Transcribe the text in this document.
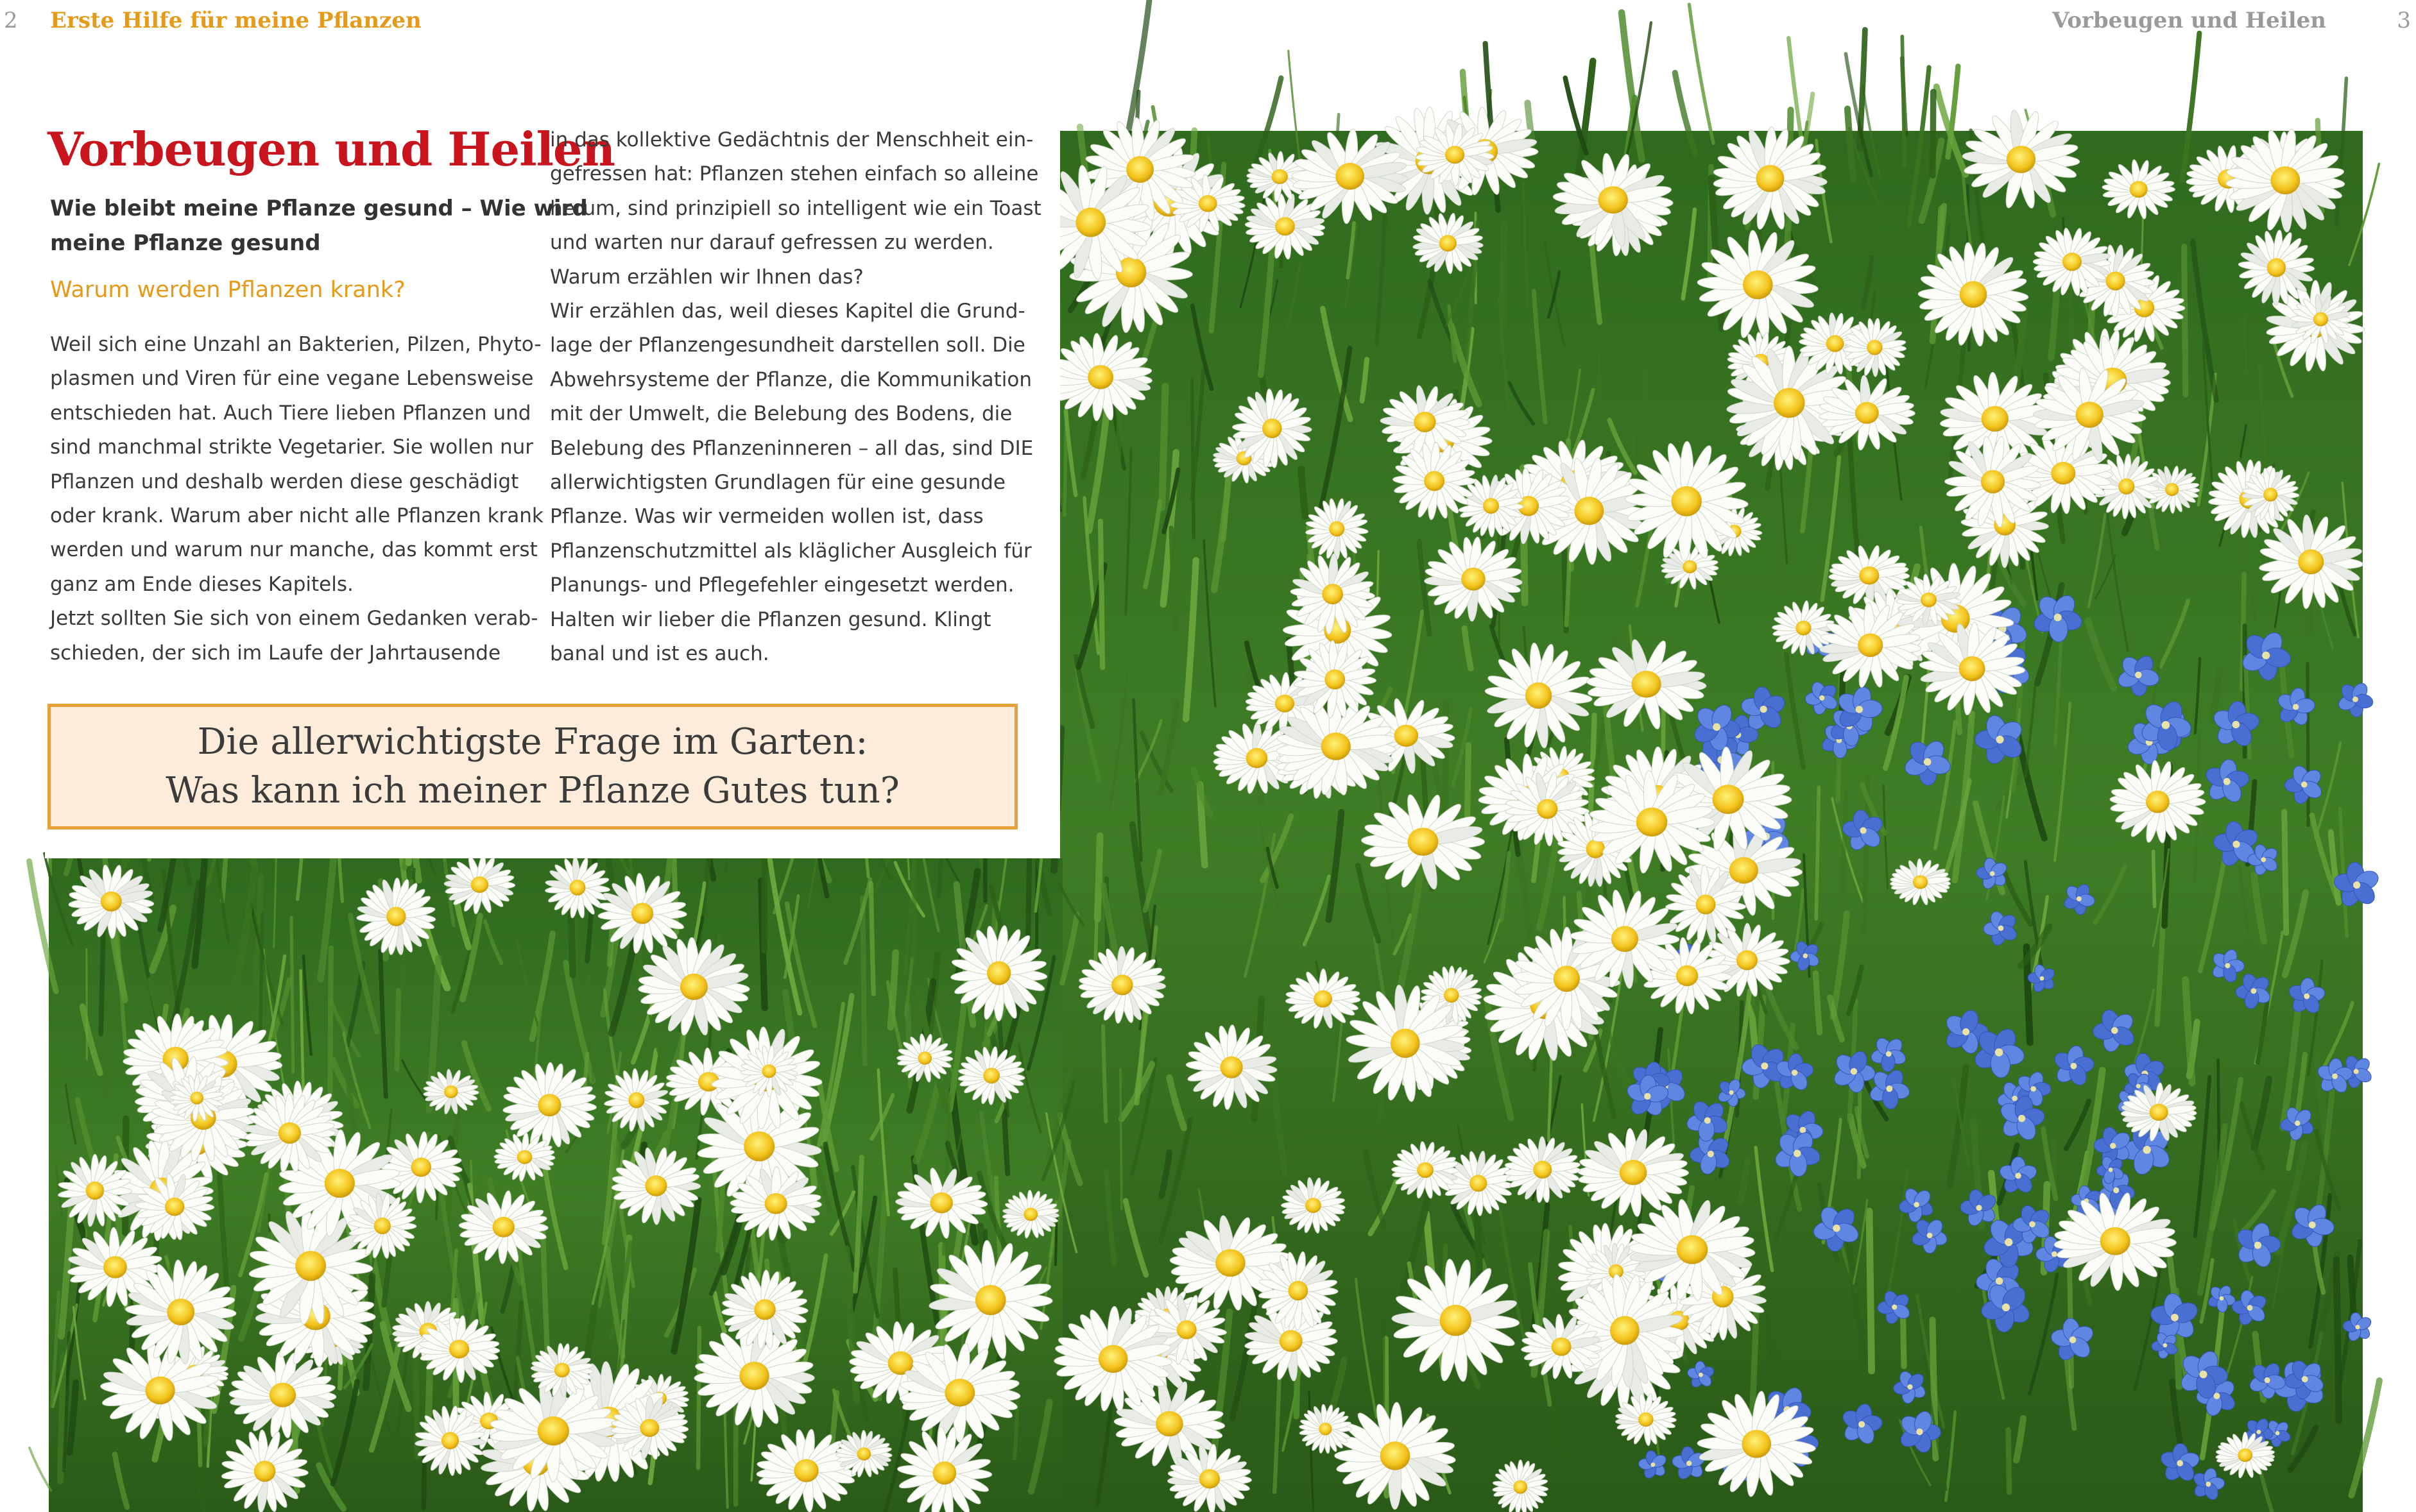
2 Erste Hilfe für meine Pflanzen	Vorbeugen und Heilen	3
Vorbeugen und Heilen
Wie bleibt meine Pflanze gesund – Wie wird
meine Pflanze gesund
Warum werden Pflanzen krank?
Weil sich eine Unzahl an Bakterien, Pilzen, Phyto-
plasmen und Viren für eine vegane Lebensweise
entschieden hat. Auch Tiere lieben Pflanzen und
sind manchmal strikte Vegetarier. Sie wollen nur
Pflanzen und deshalb werden diese geschädigt
oder krank. Warum aber nicht alle Pflanzen krank
werden und warum nur manche, das kommt erst
ganz am Ende dieses Kapitels.
Jetzt sollten Sie sich von einem Gedanken verab-
schieden, der sich im Laufe der Jahrtausende
in das kollektive Gedächtnis der Menschheit ein-
gefressen hat: Pflanzen stehen einfach so alleine
herum, sind prinzipiell so intelligent wie ein Toast
und warten nur darauf gefressen zu werden.
Warum erzählen wir Ihnen das?
Wir erzählen das, weil dieses Kapitel die Grund-
lage der Pflanzengesundheit darstellen soll. Die
Abwehrsysteme der Pflanze, die Kommunikation
mit der Umwelt, die Belebung des Bodens, die
Belebung des Pflanzeninneren – all das, sind DIE
allerwichtigsten Grundlagen für eine gesunde
Pflanze. Was wir vermeiden wollen ist, dass
Pflanzenschutzmittel als kläglicher Ausgleich für
Planungs- und Pflegefehler eingesetzt werden.
Halten wir lieber die Pflanzen gesund. Klingt
banal und ist es auch.
Die allerwichtigste Frage im Garten:
Was kann ich meiner Pflanze Gutes tun?
